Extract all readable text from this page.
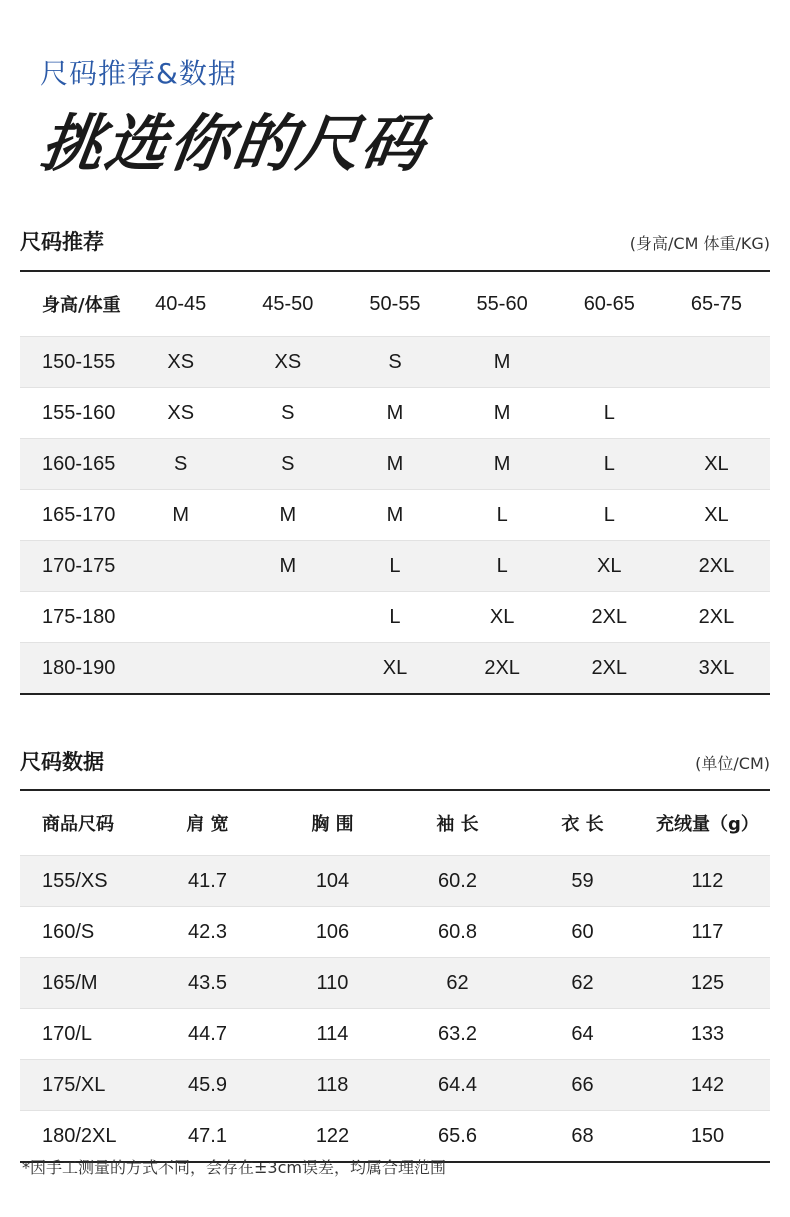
尺码推荐&数据
挑选你的尺码
尺码推荐	(身高/CM 体重/KG)
身高/体重	40-45	45-50	50-55	55-60	60-65	65-75
150-155	XS	XS	S	M		
155-160	XS	S	M	M	L	
160-165	S	S	M	M	L	XL
165-170	M	M	M	L	L	XL
170-175		M	L	L	XL	2XL
175-180			L	XL	2XL	2XL
180-190			XL	2XL	2XL	3XL
尺码数据	(单位/CM)
商品尺码	肩 宽	胸 围	袖 长	衣 长	充绒量（g）
155/XS	41.7	104	60.2	59	112
160/S	42.3	106	60.8	60	117
165/M	43.5	110	62	62	125
170/L	44.7	114	63.2	64	133
175/XL	45.9	118	64.4	66	142
180/2XL	47.1	122	65.6	68	150
*因手工测量的方式不同，会存在±3cm误差，均属合理范围
